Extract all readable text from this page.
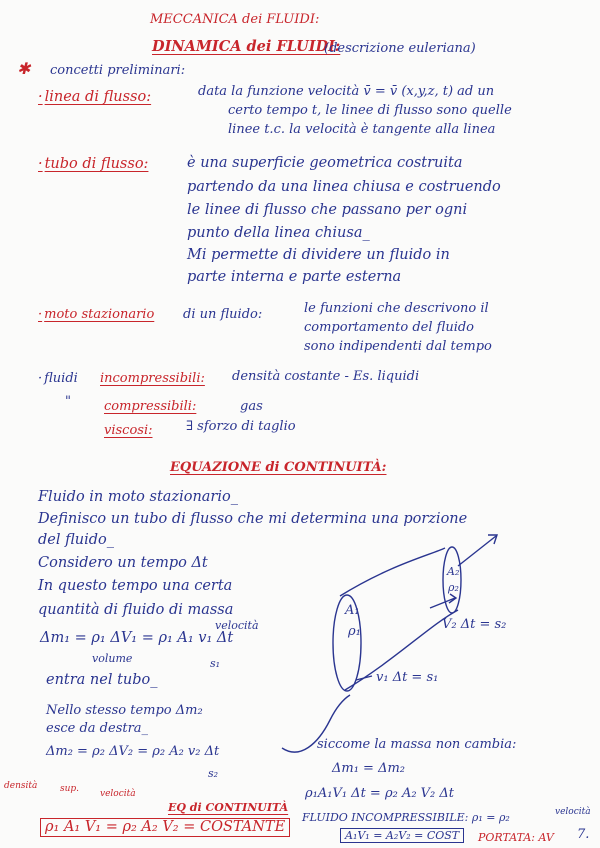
MECCANICA dei FLUIDI:
DINAMICA dei FLUIDI:
(descrizione euleriana)
✱ concetti preliminari:
· linea di flusso:	data la funzione velocità v̄ = v̄ (x,y,z, t) ad un
certo tempo t, le linee di flusso sono quelle
linee t.c. la velocità è tangente alla linea
· tubo di flusso:	è una superficie geometrica costruita
partendo da una linea chiusa e costruendo
le linee di flusso che passano per ogni
punto della linea chiusa_
Mi permette di dividere un fluido in
parte interna e parte esterna
· moto stazionario di un fluido:	le funzioni che descrivono il
comportamento del fluido
sono indipendenti dal tempo
· fluidi incompressibili: densità costante - Es. liquidi
"	compressibili:	gas
viscosi:	∃ sforzo di taglio
EQUAZIONE di CONTINUITÀ:
Fluido in moto stazionario_
Definisco un tubo di flusso che mi determina una porzione
del fluido_
Considero un tempo Δt
In questo tempo una certa
quantità di fluido di massa
velocità
Δm₁ = ρ₁ ΔV₁ = ρ₁ A₁ v₁ Δt
volume	s₁
entra nel tubo_
Nello stesso tempo Δm₂
esce da destra_
Δm₂ = ρ₂ ΔV₂ = ρ₂ A₂ v₂ Δt
s₂
densità	sup. velocità
EQ di CONTINUITÀ
ρ₁ A₁ V₁ = ρ₂ A₂ V₂ = COSTANTE
A₁
ρ₁
A₂
ρ₂
V₂ Δt = s₂
v₁ Δt = s₁
siccome la massa non cambia:
Δm₁ = Δm₂
ρ₁A₁V₁ Δt = ρ₂ A₂ V₂ Δt
FLUIDO INCOMPRESSIBILE: ρ₁ = ρ₂	velocità
A₁V₁ = A₂V₂ = COST	PORTATA: AV 7.
